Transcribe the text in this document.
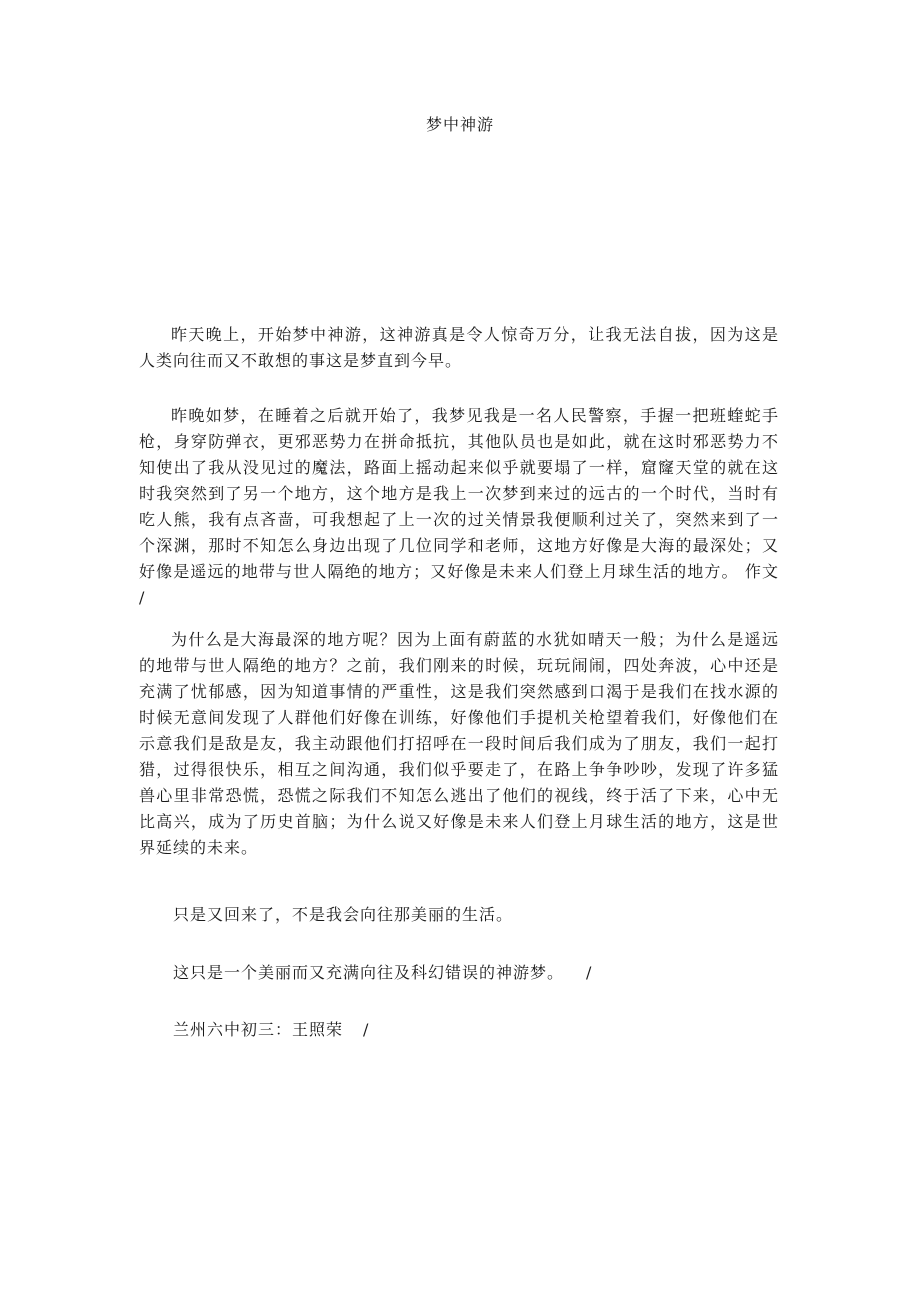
梦中神游

昨天晚上，开始梦中神游，这神游真是令人惊奇万分，让我无法自拔，因为这是人类向往而又不敢想的事这是梦直到今早。

昨晚如梦，在睡着之后就开始了，我梦见我是一名人民警察，手握一把班蝰蛇手枪，身穿防弹衣，更邪恶势力在拼命抵抗，其他队员也是如此，就在这时邪恶势力不知使出了我从没见过的魔法，路面上摇动起来似乎就要塌了一样，窟窿天堂的就在这时我突然到了另一个地方，这个地方是我上一次梦到来过的远古的一个时代，当时有吃人熊，我有点吝啬，可我想起了上一次的过关情景我便顺利过关了，突然来到了一个深渊，那时不知怎么身边出现了几位同学和老师，这地方好像是大海的最深处；又好像是遥远的地带与世人隔绝的地方；又好像是未来人们登上月球生活的地方。 作文 /

为什么是大海最深的地方呢？因为上面有蔚蓝的水犹如晴天一般；为什么是遥远的地带与世人隔绝的地方？之前，我们刚来的时候，玩玩闹闹，四处奔波，心中还是充满了忧郁感，因为知道事情的严重性，这是我们突然感到口渴于是我们在找水源的时候无意间发现了人群他们好像在训练，好像他们手提机关枪望着我们，好像他们在示意我们是敌是友，我主动跟他们打招呼在一段时间后我们成为了朋友，我们一起打猎，过得很快乐，相互之间沟通，我们似乎要走了，在路上争争吵吵，发现了许多猛兽心里非常恐慌，恐慌之际我们不知怎么逃出了他们的视线，终于活了下来，心中无比高兴，成为了历史首脑；为什么说又好像是未来人们登上月球生活的地方，这是世界延续的未来。

只是又回来了，不是我会向往那美丽的生活。
这只是一个美丽而又充满向往及科幻错误的神游梦。 /
兰州六中初三：王照荣 /
